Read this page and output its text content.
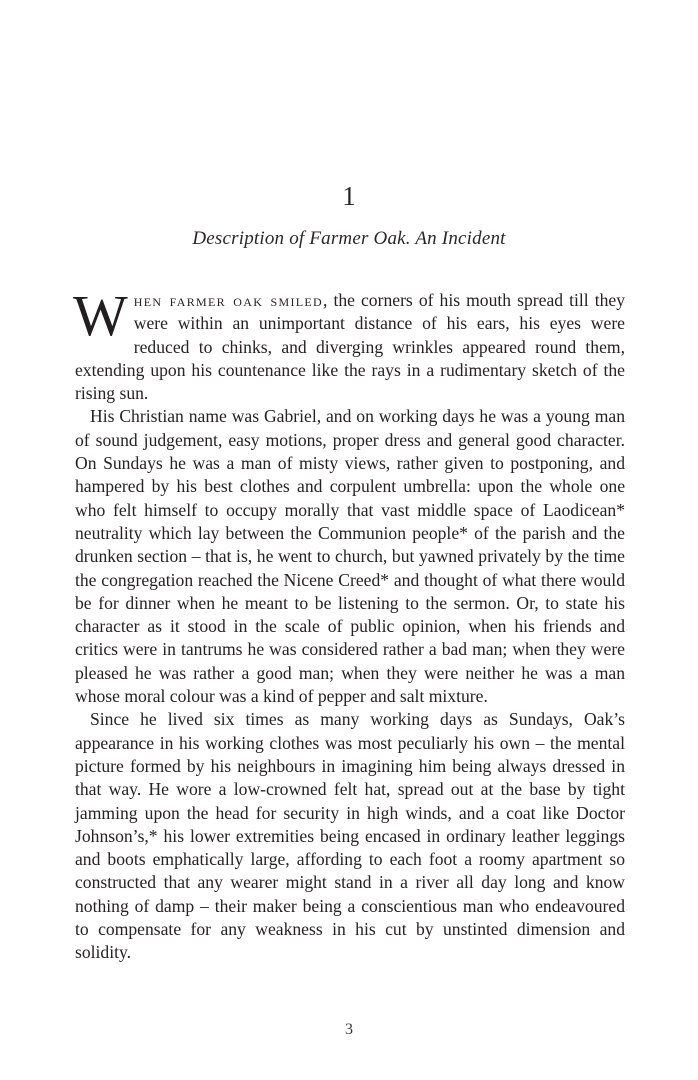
1
Description of Farmer Oak. An Incident

When farmer oak smiled, the corners of his mouth spread till they were within an unimportant distance of his ears, his eyes were reduced to chinks, and diverging wrinkles appeared round them, extending upon his countenance like the rays in a rudimentary sketch of the rising sun.

His Christian name was Gabriel, and on working days he was a young man of sound judgement, easy motions, proper dress and general good character. On Sundays he was a man of misty views, rather given to postponing, and hampered by his best clothes and corpulent umbrella: upon the whole one who felt himself to occupy morally that vast middle space of Laodicean* neutrality which lay between the Communion people* of the parish and the drunken section – that is, he went to church, but yawned privately by the time the congregation reached the Nicene Creed* and thought of what there would be for dinner when he meant to be listening to the sermon. Or, to state his character as it stood in the scale of public opinion, when his friends and critics were in tantrums he was considered rather a bad man; when they were pleased he was rather a good man; when they were neither he was a man whose moral colour was a kind of pepper and salt mixture.

Since he lived six times as many working days as Sundays, Oak’s appearance in his working clothes was most peculiarly his own – the mental picture formed by his neighbours in imagining him being always dressed in that way. He wore a low-crowned felt hat, spread out at the base by tight jamming upon the head for security in high winds, and a coat like Doctor Johnson’s,* his lower extremities being encased in ordinary leather leggings and boots emphatically large, affording to each foot a roomy apartment so constructed that any wearer might stand in a river all day long and know nothing of damp – their maker being a conscientious man who endeavoured to compensate for any weakness in his cut by unstinted dimension and solidity.

3
